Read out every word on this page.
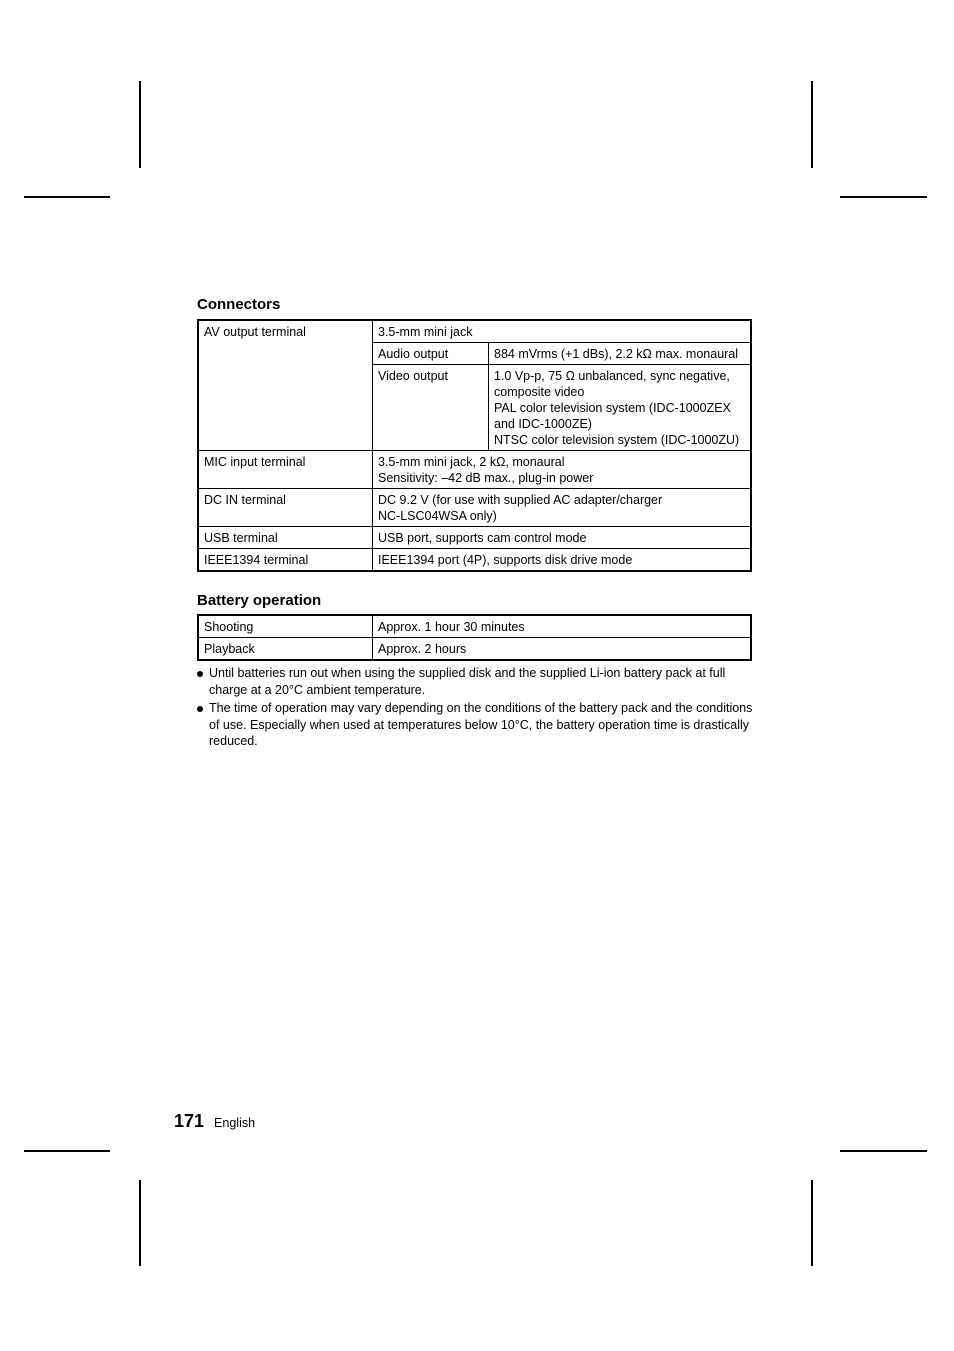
Connectors
AV output terminal	3.5-mm mini jack	
	Audio output	884 mVrms (+1 dBs), 2.2 kΩ max. monaural
	Video output	1.0 Vp-p, 75 Ω unbalanced, sync negative, composite video
PAL color television system (IDC-1000ZEX and IDC-1000ZE)
NTSC color television system (IDC-1000ZU)

MIC input terminal	3.5-mm mini jack, 2 kΩ, monaural
Sensitivity: –42 dB max., plug-in power	

DC IN terminal	DC 9.2 V (for use with supplied AC adapter/charger
NC-LSC04WSA only)	

USB terminal	USB port, supports cam control mode	
IEEE1394 terminal	IEEE1394 port (4P), supports disk drive mode	
Battery operation
Shooting	Approx. 1 hour 30 minutes
Playback	Approx. 2 hours
Until batteries run out when using the supplied disk and the supplied Li-ion battery pack at full charge at a 20°C ambient temperature.
The time of operation may vary depending on the conditions of the battery pack and the conditions of use. Especially when used at temperatures below 10°C, the battery operation time is drastically reduced.
171 English
